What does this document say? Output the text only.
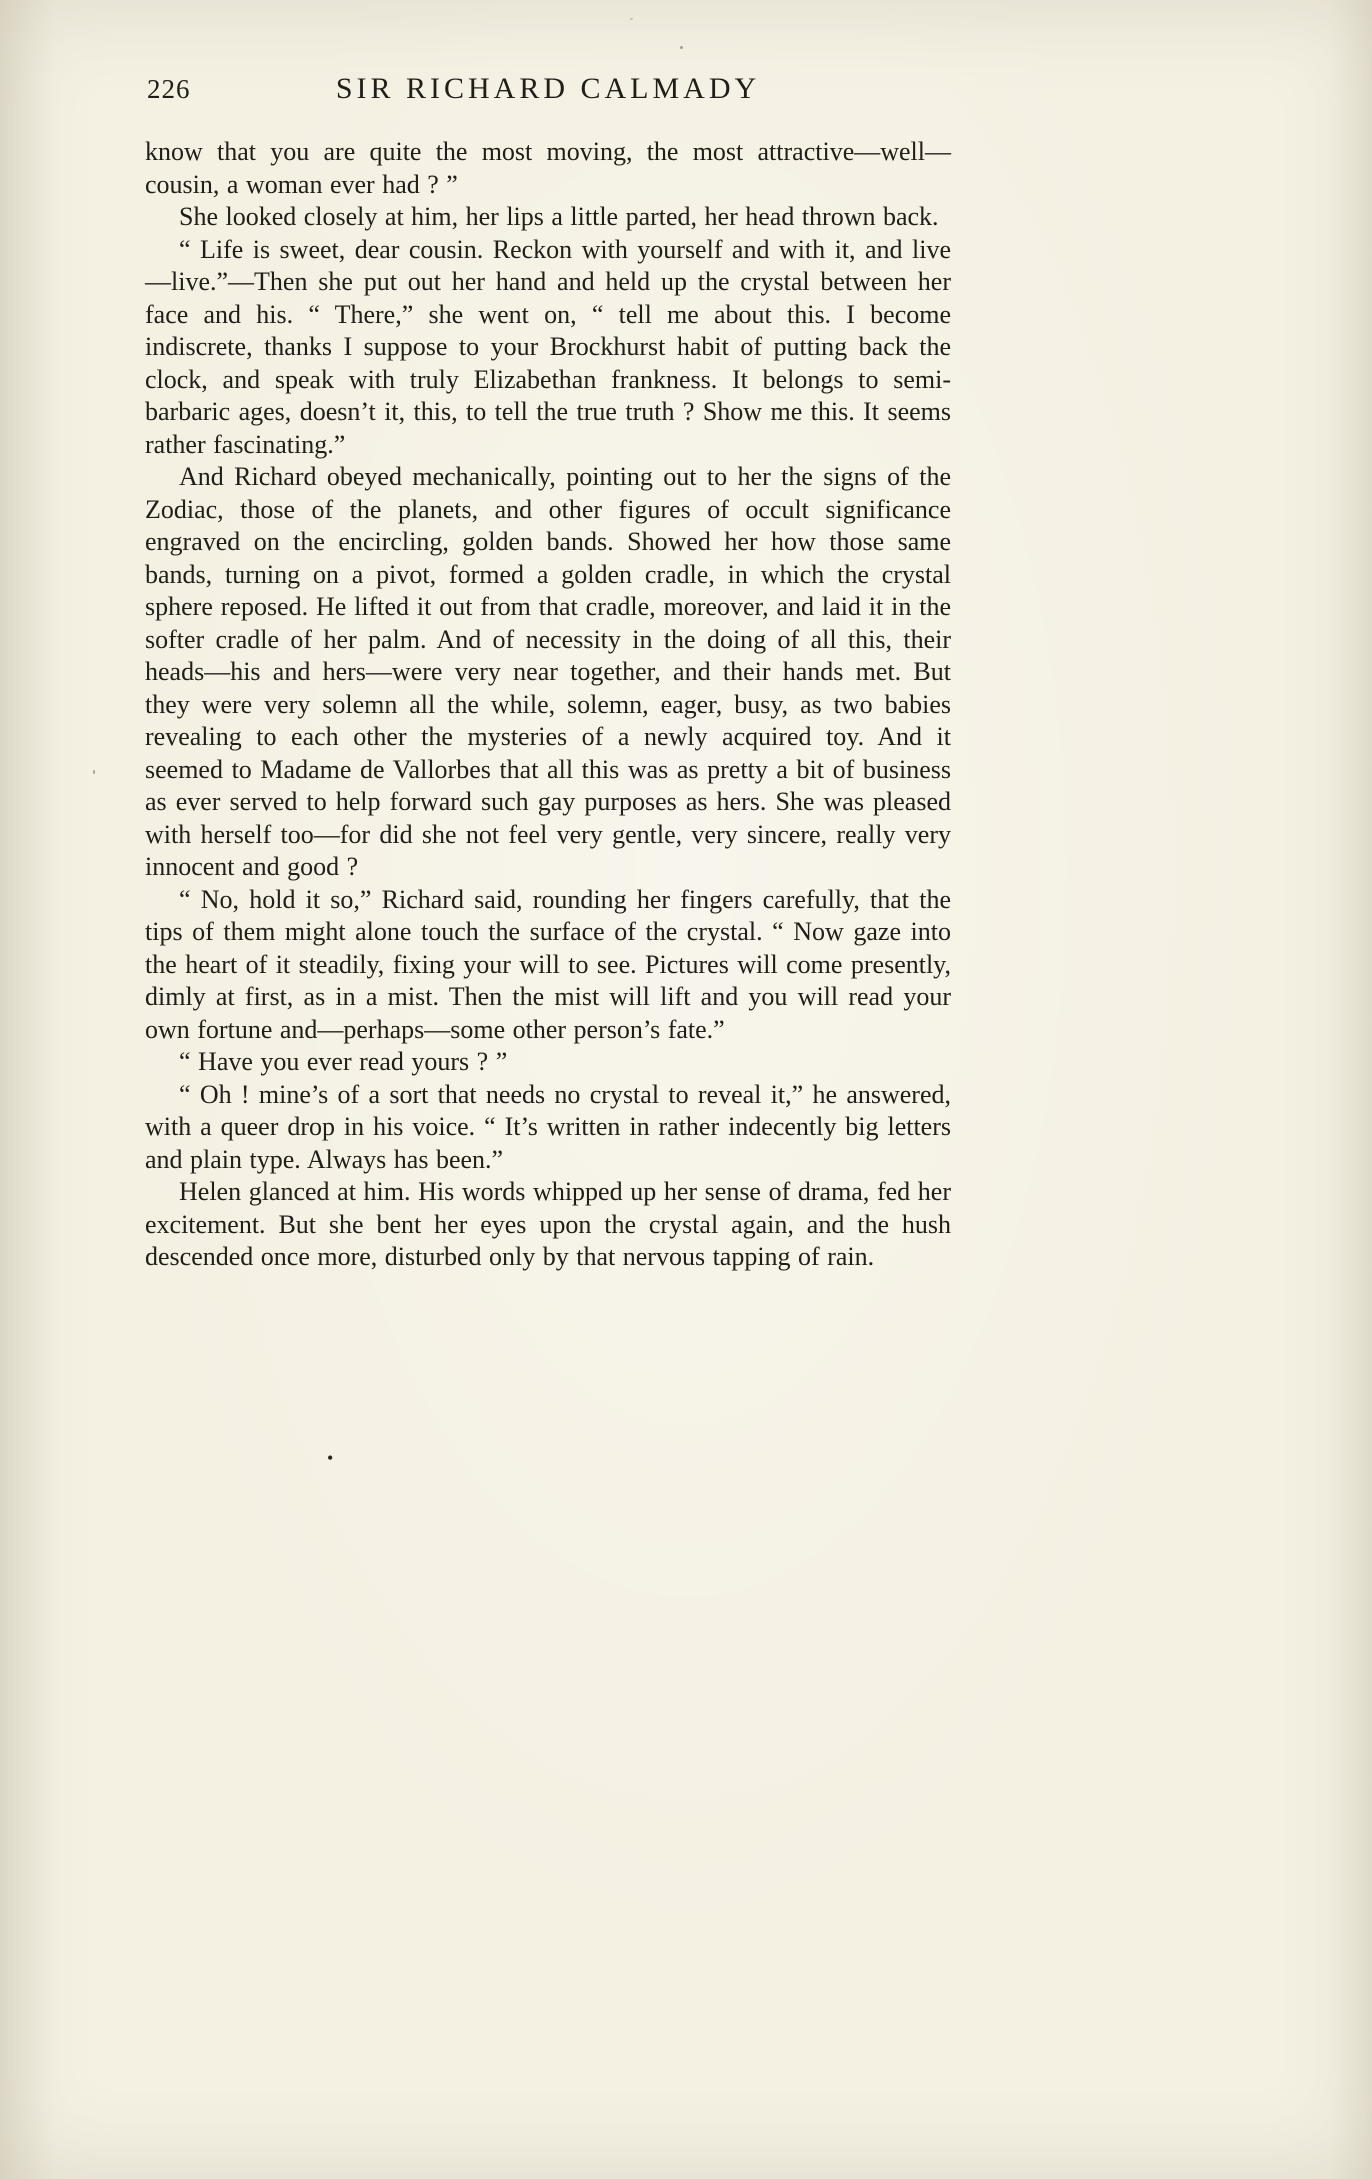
226	SIR RICHARD CALMADY

know that you are quite the most moving, the most attractive—well—cousin, a woman ever had ? ”

She looked closely at him, her lips a little parted, her head thrown back.

“ Life is sweet, dear cousin. Reckon with yourself and with it, and live—live.”—Then she put out her hand and held up the crystal between her face and his. “ There,” she went on, “ tell me about this. I become indiscrete, thanks I suppose to your Brockhurst habit of putting back the clock, and speak with truly Elizabethan frankness. It belongs to semi-barbaric ages, doesn’t it, this, to tell the true truth ? Show me this. It seems rather fascinating.”

And Richard obeyed mechanically, pointing out to her the signs of the Zodiac, those of the planets, and other figures of occult significance engraved on the encircling, golden bands. Showed her how those same bands, turning on a pivot, formed a golden cradle, in which the crystal sphere reposed. He lifted it out from that cradle, moreover, and laid it in the softer cradle of her palm. And of necessity in the doing of all this, their heads—his and hers—were very near together, and their hands met. But they were very solemn all the while, solemn, eager, busy, as two babies revealing to each other the mysteries of a newly acquired toy. And it seemed to Madame de Vallorbes that all this was as pretty a bit of business as ever served to help forward such gay purposes as hers. She was pleased with herself too—for did she not feel very gentle, very sincere, really very innocent and good ?

“ No, hold it so,” Richard said, rounding her fingers carefully, that the tips of them might alone touch the surface of the crystal. “ Now gaze into the heart of it steadily, fixing your will to see. Pictures will come presently, dimly at first, as in a mist. Then the mist will lift and you will read your own fortune and—perhaps—some other person’s fate.”

“ Have you ever read yours ? ”

“ Oh ! mine’s of a sort that needs no crystal to reveal it,” he answered, with a queer drop in his voice. “ It’s written in rather indecently big letters and plain type. Always has been.”

Helen glanced at him. His words whipped up her sense of drama, fed her excitement. But she bent her eyes upon the crystal again, and the hush descended once more, disturbed only by that nervous tapping of rain.

•
